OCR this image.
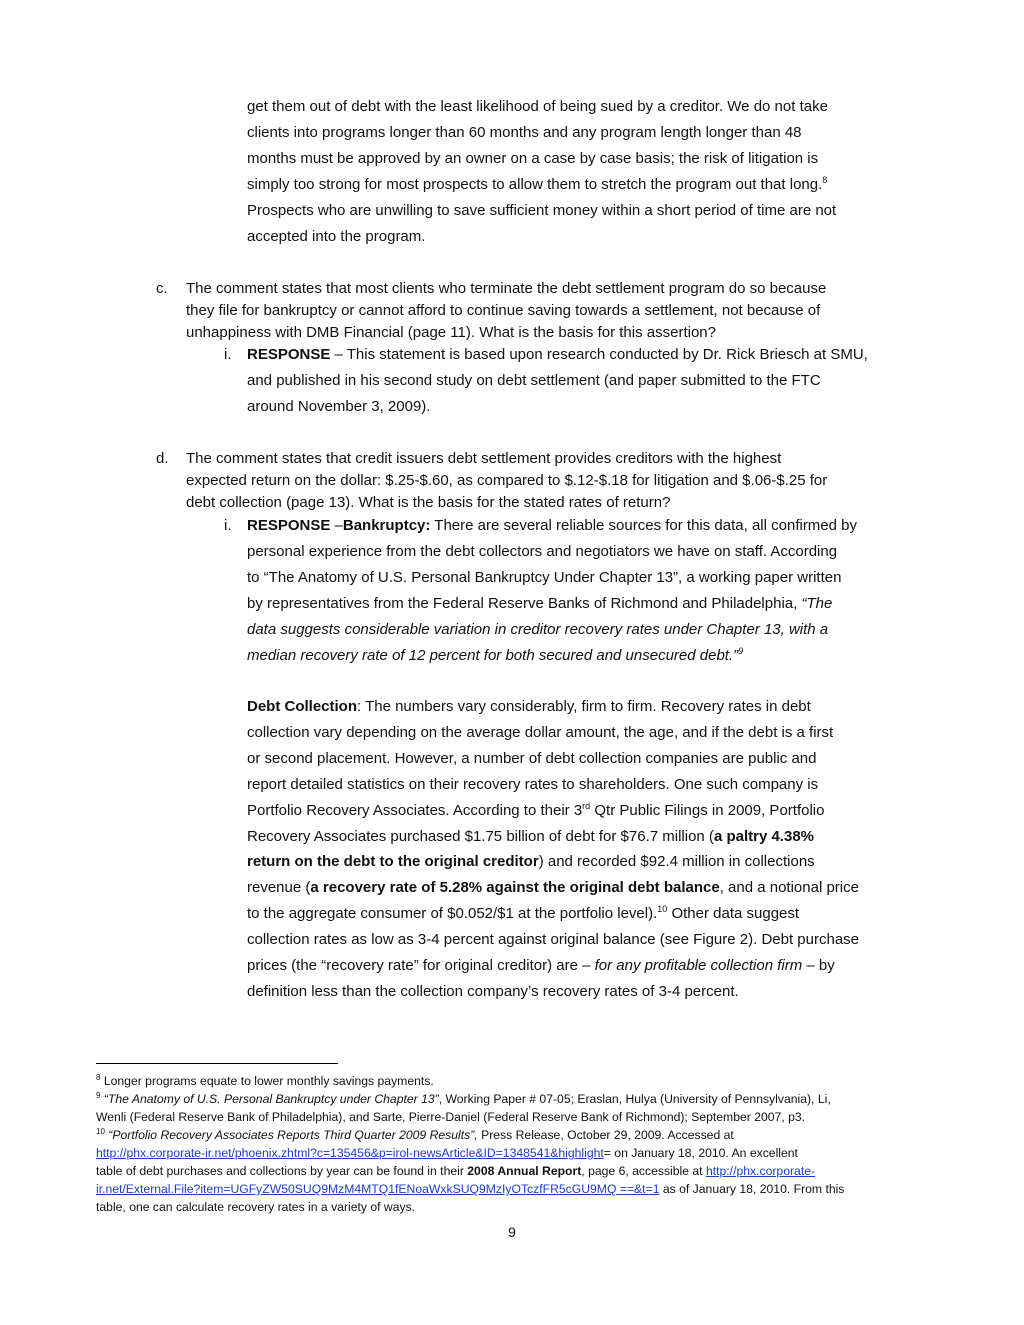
get them out of debt with the least likelihood of being sued by a creditor. We do not take
clients into programs longer than 60 months and any program length longer than 48
months must be approved by an owner on a case by case basis; the risk of litigation is
simply too strong for most prospects to allow them to stretch the program out that long.$^8$
Prospects who are unwilling to save sufficient money within a short period of time are not
accepted into the program.
c. The comment states that most clients who terminate the debt settlement program do so because
they file for bankruptcy or cannot afford to continue saving towards a settlement, not because of
unhappiness with DMB Financial (page 11). What is the basis for this assertion?
i. RESPONSE – This statement is based upon research conducted by Dr. Rick Briesch at SMU,
and published in his second study on debt settlement (and paper submitted to the FTC
around November 3, 2009).
d. The comment states that credit issuers debt settlement provides creditors with the highest
expected return on the dollar: $.25-$.60, as compared to $.12-$.18 for litigation and $.06-$.25 for
debt collection (page 13). What is the basis for the stated rates of return?
i. RESPONSE –Bankruptcy: There are several reliable sources for this data, all confirmed by
personal experience from the debt collectors and negotiators we have on staff. According
to “The Anatomy of U.S. Personal Bankruptcy Under Chapter 13”, a working paper written
by representatives from the Federal Reserve Banks of Richmond and Philadelphia, “The
data suggests considerable variation in creditor recovery rates under Chapter 13, with a
median recovery rate of 12 percent for both secured and unsecured debt.”$^9$
Debt Collection: The numbers vary considerably, firm to firm. Recovery rates in debt
collection vary depending on the average dollar amount, the age, and if the debt is a first
or second placement. However, a number of debt collection companies are public and
report detailed statistics on their recovery rates to shareholders. One such company is
Portfolio Recovery Associates. According to their 3rd Qtr Public Filings in 2009, Portfolio
Recovery Associates purchased $1.75 billion of debt for $76.7 million (a paltry 4.38%
return on the debt to the original creditor) and recorded $92.4 million in collections
revenue (a recovery rate of 5.28% against the original debt balance, and a notional price
to the aggregate consumer of $0.052/$1 at the portfolio level).$^{10}$ Other data suggest
collection rates as low as 3-4 percent against original balance (see Figure 2). Debt purchase
prices (the “recovery rate” for original creditor) are – for any profitable collection firm – by
definition less than the collection company’s recovery rates of 3-4 percent.
$^8$ Longer programs equate to lower monthly savings payments.
$^9$ “The Anatomy of U.S. Personal Bankruptcy under Chapter 13”, Working Paper # 07-05; Eraslan, Hulya (University of Pennsylvania), Li,
Wenli (Federal Reserve Bank of Philadelphia), and Sarte, Pierre-Daniel (Federal Reserve Bank of Richmond); September 2007, p3.
$^{10}$ “Portfolio Recovery Associates Reports Third Quarter 2009 Results”, Press Release, October 29, 2009. Accessed at
http://phx.corporate-ir.net/phoenix.zhtml?c=135456&p=irol-newsArticle&ID=1348541&highlight= on January 18, 2010. An excellent
table of debt purchases and collections by year can be found in their 2008 Annual Report, page 6, accessible at http://phx.corporate-
ir.net/External.File?item=UGFyZW50SUQ9MzM4MTQ1fENoaWxkSUQ9MzIyOTczfFR5cGU9MQ ==&t=1 as of January 18, 2010. From this
table, one can calculate recovery rates in a variety of ways.
9
